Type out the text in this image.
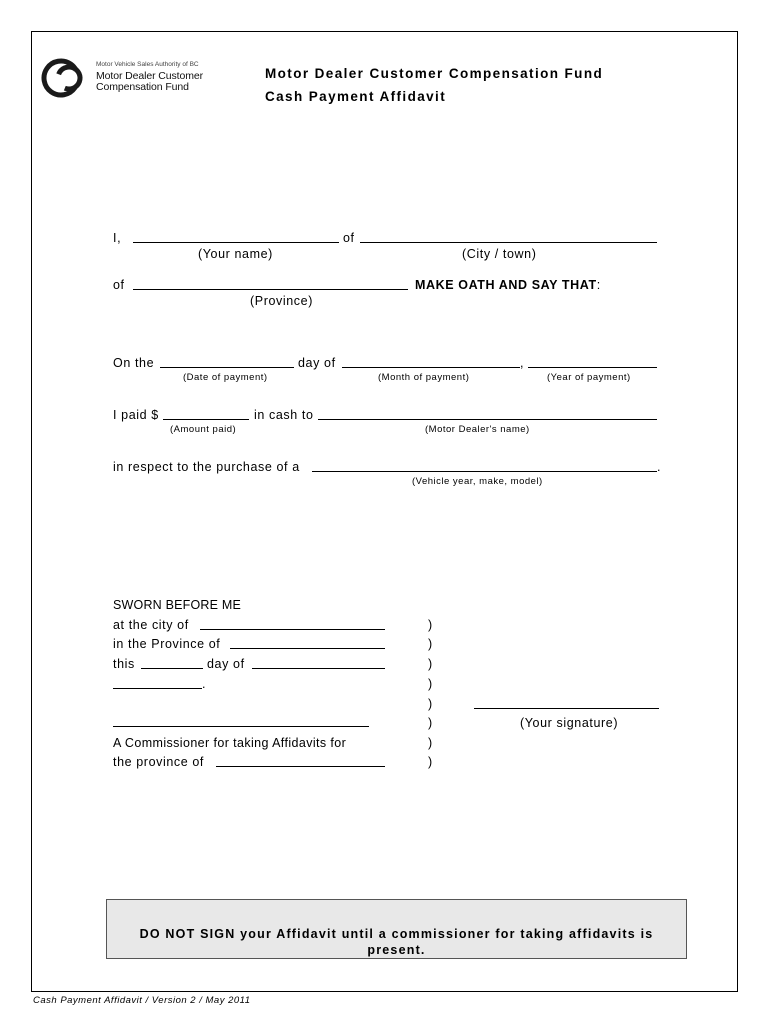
Motor Vehicle Sales Authority of BC
Motor Dealer Customer
Compensation Fund
Motor Dealer Customer Compensation Fund
Cash Payment Affidavit
I,	of
(Your name)	(City / town)
of	MAKE OATH AND SAY THAT:
(Province)
On the	day of	,
(Date of payment)	(Month of payment)	(Year of payment)
I paid $	in cash to
(Amount paid)	(Motor Dealer's name)
in respect to the purchase of a	.
(Vehicle year, make, model)
SWORN BEFORE ME
at the city of
in the Province of
this	day of
.
A Commissioner for taking Affidavits for
the province of
)
)
)
)
)
)
)
)
(Your signature)
DO NOT SIGN your Affidavit until a commissioner for taking affidavits is present.
Cash Payment Affidavit / Version 2 / May 2011
